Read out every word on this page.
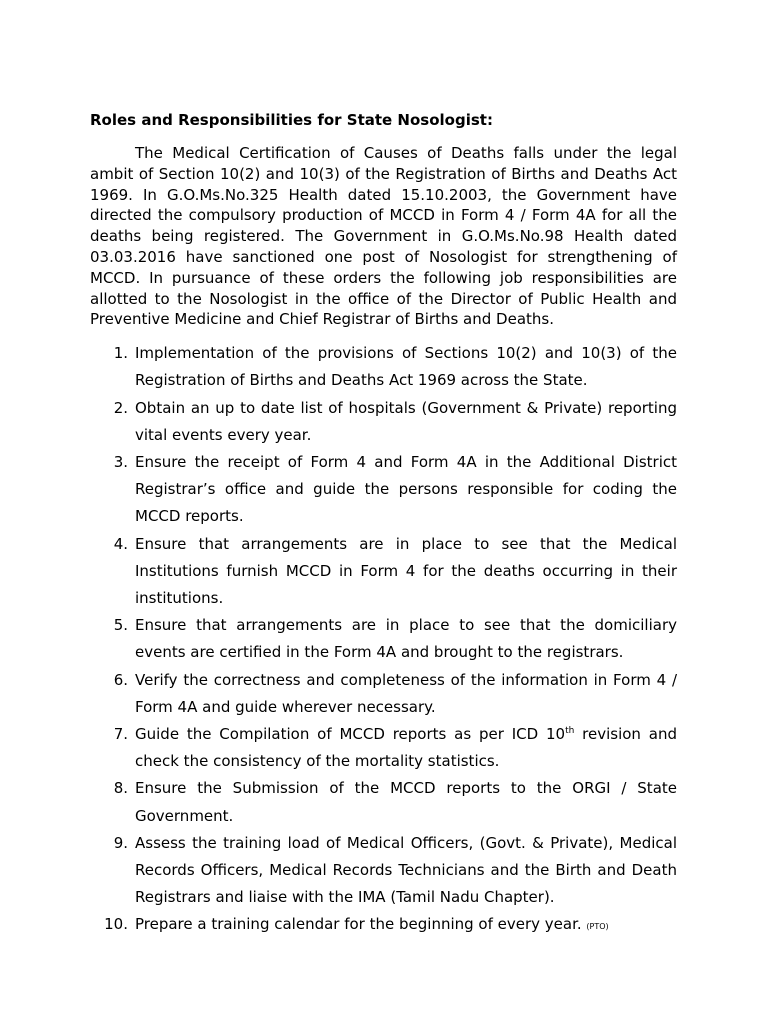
Roles and Responsibilities for State Nosologist:

The Medical Certification of Causes of Deaths falls under the legal ambit of Section 10(2) and 10(3) of the Registration of Births and Deaths Act 1969. In G.O.Ms.No.325 Health dated 15.10.2003, the Government have directed the compulsory production of MCCD in Form 4 / Form 4A for all the deaths being registered. The Government in G.O.Ms.No.98 Health dated 03.03.2016 have sanctioned one post of Nosologist for strengthening of MCCD. In pursuance of these orders the following job responsibilities are allotted to the Nosologist in the office of the Director of Public Health and Preventive Medicine and Chief Registrar of Births and Deaths.

1. Implementation of the provisions of Sections 10(2) and 10(3) of the Registration of Births and Deaths Act 1969 across the State.
2. Obtain an up to date list of hospitals (Government & Private) reporting vital events every year.
3. Ensure the receipt of Form 4 and Form 4A in the Additional District Registrar’s office and guide the persons responsible for coding the MCCD reports.
4. Ensure that arrangements are in place to see that the Medical Institutions furnish MCCD in Form 4 for the deaths occurring in their institutions.
5. Ensure that arrangements are in place to see that the domiciliary events are certified in the Form 4A and brought to the registrars.
6. Verify the correctness and completeness of the information in Form 4 / Form 4A and guide wherever necessary.
7. Guide the Compilation of MCCD reports as per ICD 10th revision and check the consistency of the mortality statistics.
8. Ensure the Submission of the MCCD reports to the ORGI / State Government.
9. Assess the training load of Medical Officers, (Govt. & Private), Medical Records Officers, Medical Records Technicians and the Birth and Death Registrars and liaise with the IMA (Tamil Nadu Chapter).
10. Prepare a training calendar for the beginning of every year. (PTO)
